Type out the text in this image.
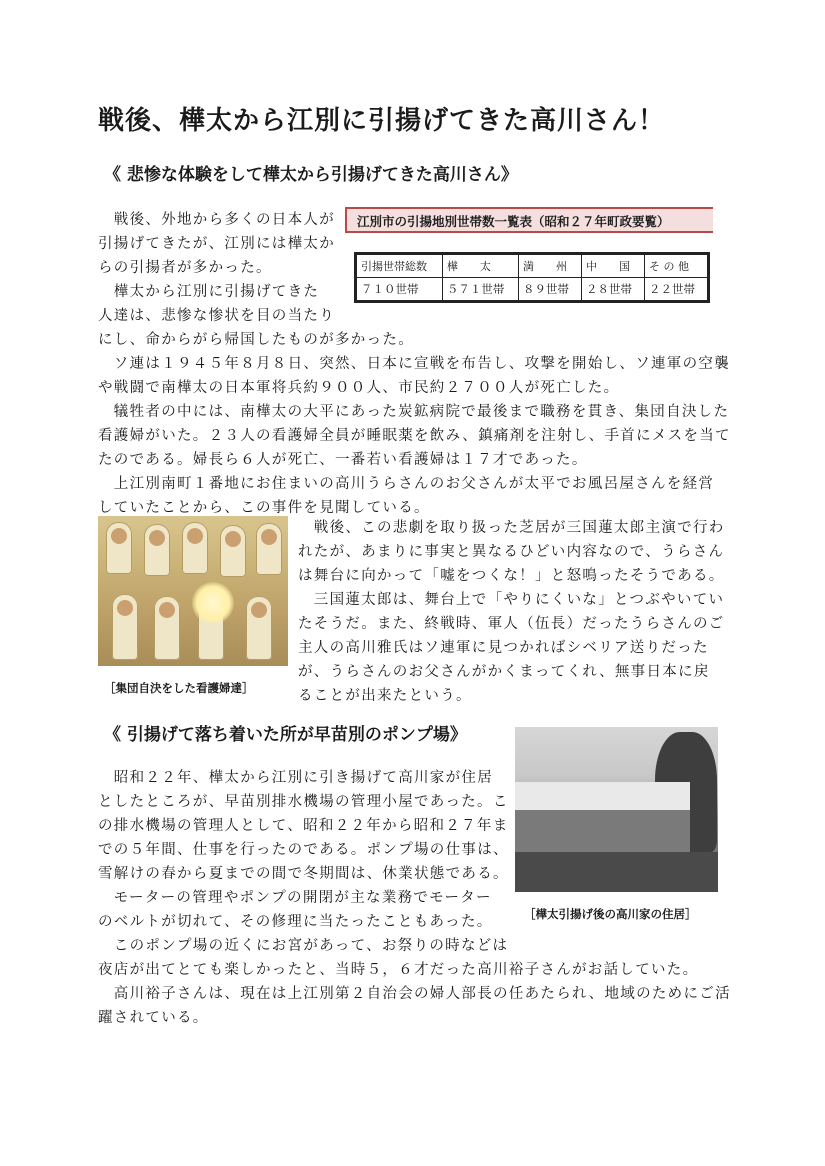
戦後、樺太から江別に引揚げてきた高川さん！
《 悲惨な体験をして樺太から引揚げてきた高川さん》
　戦後、外地から多くの日本人が
引揚げてきたが、江別には樺太か
らの引揚者が多かった。
　樺太から江別に引揚げてきた
人達は、悲惨な惨状を目の当たり
江別市の引揚地別世帯数一覧表（昭和２７年町政要覧）
引揚世帯総数	樺　　太	満　　州	中　　国	そ の 他
７１０世帯	５７１世帯	８９世帯	２８世帯	２２世帯
にし、命からがら帰国したものが多かった。
　ソ連は１９４５年８月８日、突然、日本に宣戦を布告し、攻撃を開始し、ソ連軍の空襲
や戦闘で南樺太の日本軍将兵約９００人、市民約２７００人が死亡した。
　犠牲者の中には、南樺太の大平にあった炭鉱病院で最後まで職務を貫き、集団自決した
看護婦がいた。２３人の看護婦全員が睡眠薬を飲み、鎮痛剤を注射し、手首にメスを当て
たのである。婦長ら６人が死亡、一番若い看護婦は１７才であった。
　上江別南町１番地にお住まいの高川うらさんのお父さんが太平でお風呂屋さんを経営
していたことから、この事件を見聞している。
［集団自決をした看護婦達］
　戦後、この悲劇を取り扱った芝居が三国蓮太郎主演で行わ
れたが、あまりに事実と異なるひどい内容なので、うらさん
は舞台に向かって「嘘をつくな！」と怒鳴ったそうである。
　三国蓮太郎は、舞台上で「やりにくいな」とつぶやいてい
たそうだ。また、終戦時、軍人（伍長）だったうらさんのご
主人の高川雅氏はソ連軍に見つかればシベリア送りだった
が、うらさんのお父さんがかくまってくれ、無事日本に戻
ることが出来たという。
《 引揚げて落ち着いた所が早苗別のポンプ場》
　昭和２２年、樺太から江別に引き揚げて高川家が住居
としたところが、早苗別排水機場の管理小屋であった。こ
の排水機場の管理人として、昭和２２年から昭和２７年ま
での５年間、仕事を行ったのである。ポンプ場の仕事は、
雪解けの春から夏までの間で冬期間は、休業状態である。
　モーターの管理やポンプの開閉が主な業務でモーター
のベルトが切れて、その修理に当たったこともあった。	［樺太引揚げ後の高川家の住居］
　このポンプ場の近くにお宮があって、お祭りの時などは
夜店が出てとても楽しかったと、当時５，６才だった高川裕子さんがお話していた。
　高川裕子さんは、現在は上江別第２自治会の婦人部長の任あたられ、地域のためにご活
躍されている。
